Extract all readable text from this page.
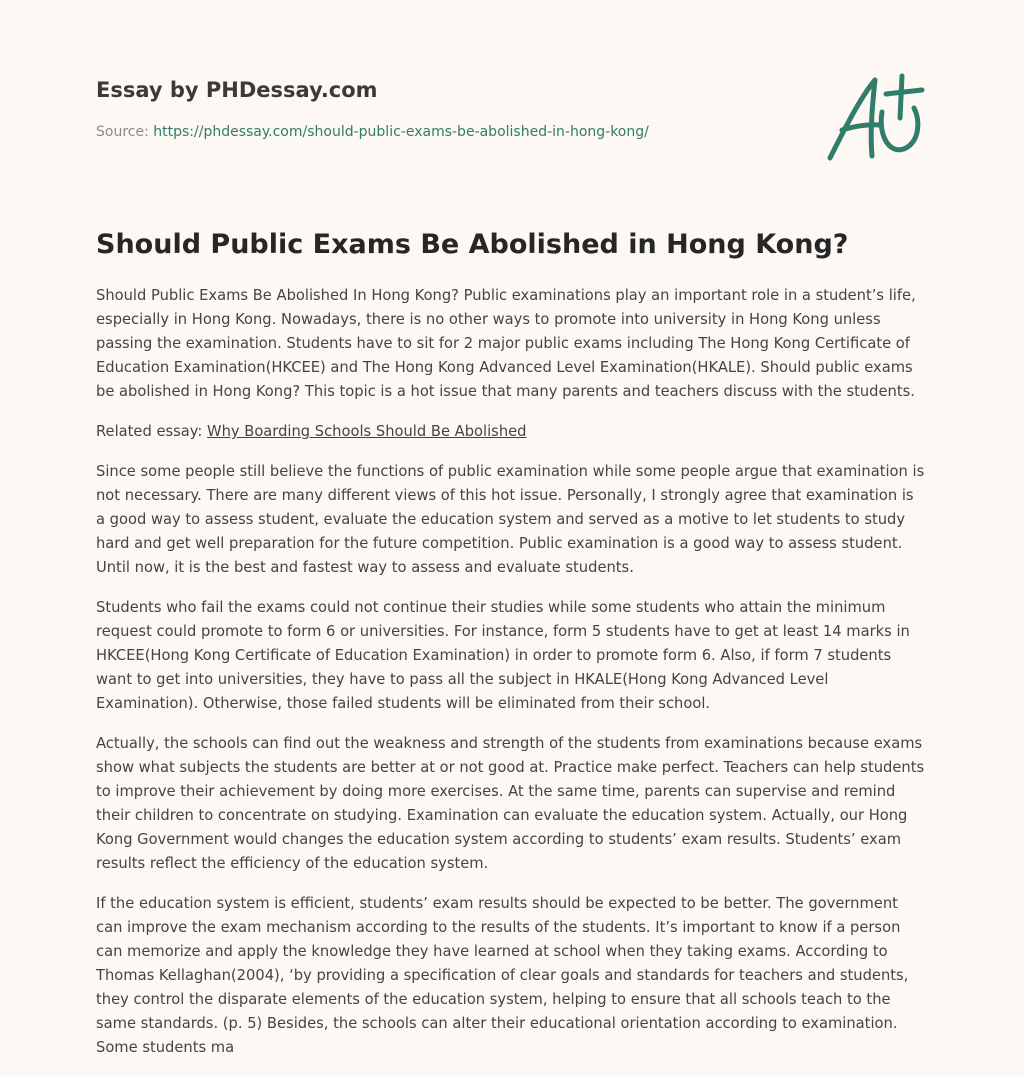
Essay by PHDessay.com
Source: https://phdessay.com/should-public-exams-be-abolished-in-hong-kong/
Should Public Exams Be Abolished in Hong Kong?

Should Public Exams Be Abolished In Hong Kong? Public examinations play an important role in a student’s life, especially in Hong Kong. Nowadays, there is no other ways to promote into university in Hong Kong unless passing the examination. Students have to sit for 2 major public exams including The Hong Kong Certificate of Education Examination(HKCEE) and The Hong Kong Advanced Level Examination(HKALE). Should public exams be abolished in Hong Kong? This topic is a hot issue that many parents and teachers discuss with the students.

Related essay: Why Boarding Schools Should Be Abolished

Since some people still believe the functions of public examination while some people argue that examination is not necessary. There are many different views of this hot issue. Personally, I strongly agree that examination is a good way to assess student, evaluate the education system and served as a motive to let students to study hard and get well preparation for the future competition. Public examination is a good way to assess student. Until now, it is the best and fastest way to assess and evaluate students.

Students who fail the exams could not continue their studies while some students who attain the minimum request could promote to form 6 or universities. For instance, form 5 students have to get at least 14 marks in HKCEE(Hong Kong Certificate of Education Examination) in order to promote form 6. Also, if form 7 students want to get into universities, they have to pass all the subject in HKALE(Hong Kong Advanced Level Examination). Otherwise, those failed students will be eliminated from their school.

Actually, the schools can find out the weakness and strength of the students from examinations because exams show what subjects the students are better at or not good at. Practice make perfect. Teachers can help students to improve their achievement by doing more exercises. At the same time, parents can supervise and remind their children to concentrate on studying. Examination can evaluate the education system. Actually, our Hong Kong Government would changes the education system according to students’ exam results. Students’ exam results reflect the efficiency of the education system.

If the education system is efficient, students’ exam results should be expected to be better. The government can improve the exam mechanism according to the results of the students. It’s important to know if a person can memorize and apply the knowledge they have learned at school when they taking exams. According to Thomas Kellaghan(2004), ‘by providing a specification of clear goals and standards for teachers and students, they control the disparate elements of the education system, helping to ensure that all schools teach to the same standards. (p. 5) Besides, the schools can alter their educational orientation according to examination. Some students ma
